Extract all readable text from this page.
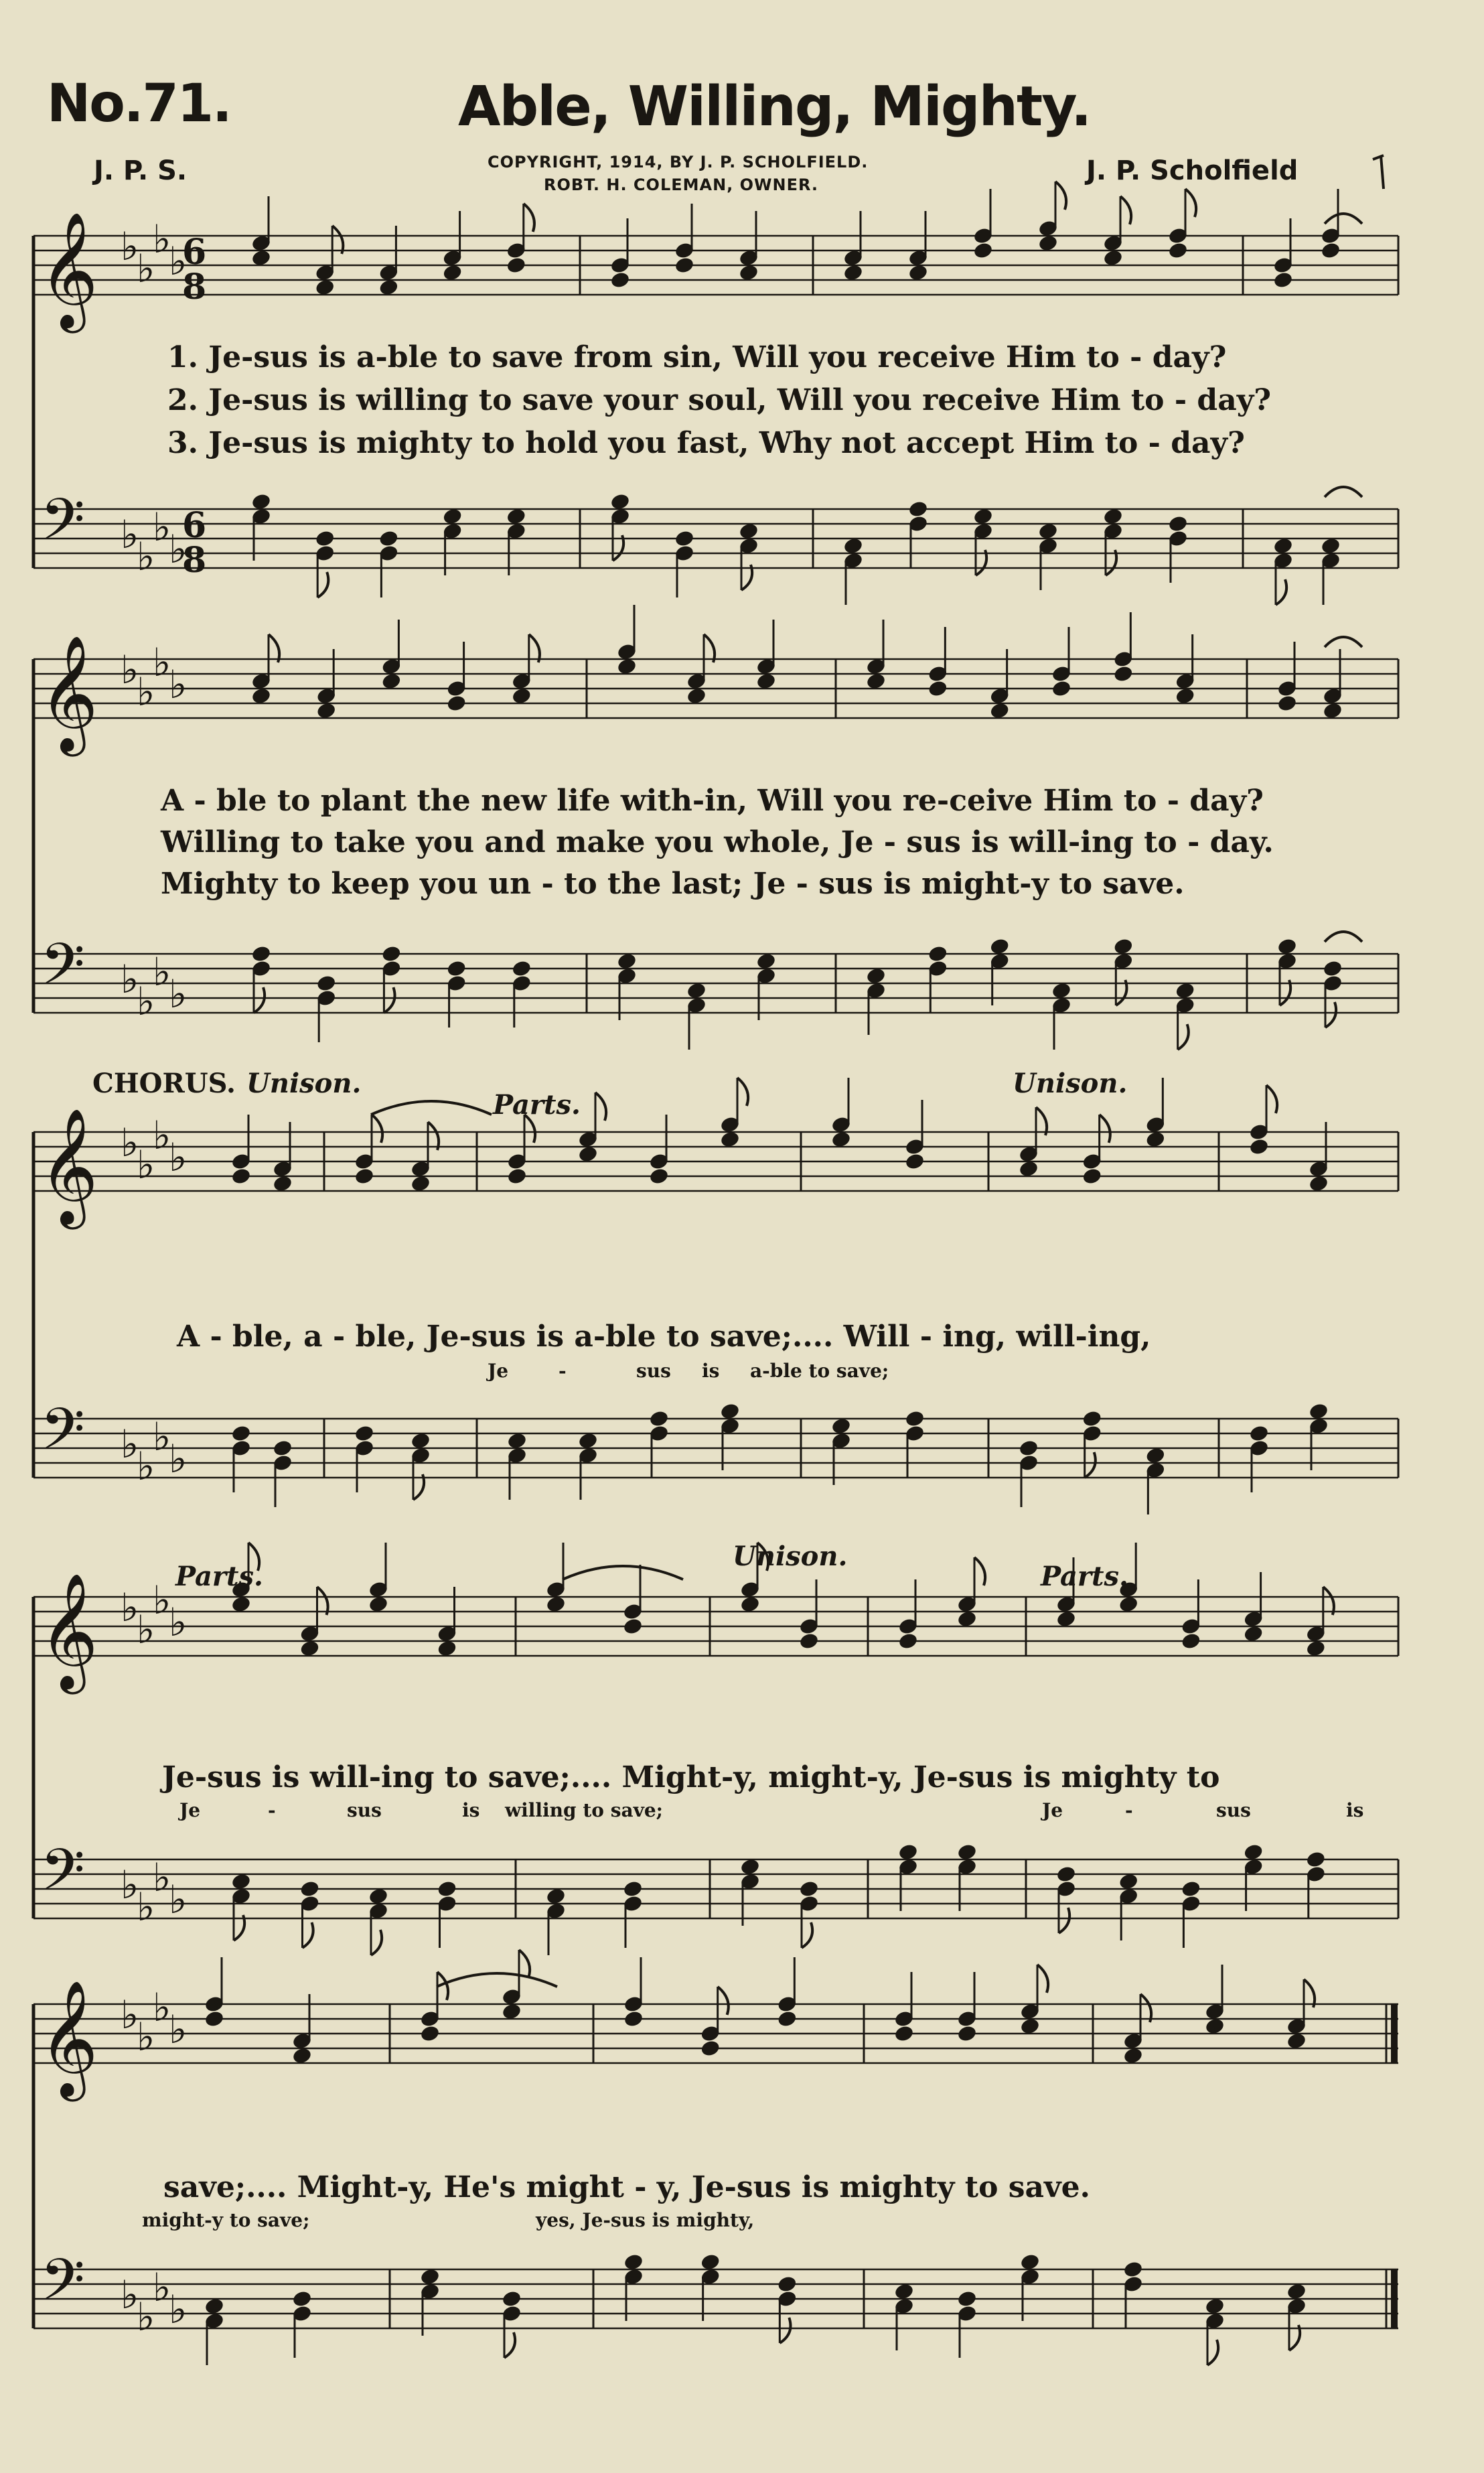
𝄞 ♭
♭
♭
♭
6
8
𝄢 ♭
♭
♭
♭
6
8
𝄞 ♭
♭
♭
♭
𝄢 ♭
♭
♭
♭
𝄞 ♭
♭
♭
♭
𝄢 ♭
♭
♭
♭
𝄞 ♭
♭
♭
♭
𝄢 ♭
♭
♭
♭
𝄞 ♭
♭
♭
♭
𝄢 ♭
♭
♭
♭
No.71.	Able, Willing, Mighty.
J. P. S.	COPYRIGHT, 1914, BY J. P. SCHOLFIELD.
ROBT. H. COLEMAN, OWNER.	J. P. Scholfield
1. Je-sus is a-ble to save from sin, Will you receive Him to - day?
2. Je-sus is willing to save your soul, Will you receive Him to - day?
3. Je-sus is mighty to hold you fast, Why not accept Him to - day?
A - ble to plant the new life with-in, Will you re-ceive Him to - day?
Willing to take you and make you whole, Je - sus is will-ing to - day.
Mighty to keep you un - to the last; Je - sus is might-y to save.
CHORUS. Unison.
Parts.
Unison.
A - ble, a - ble, Je-sus is a-ble to save;.... Will - ing, will-ing,
Je	-	sus is a-ble to save;
Parts.
Unison.
Parts.
Je-sus is will-ing to save;.... Might-y, might-y, Je-sus is mighty to
Je	-	sus	is willing to save;	Je	-	sus	is
save;.... Might-y, He's might - y, Je-sus is mighty to save.
might-y to save;	yes, Je-sus is mighty,
